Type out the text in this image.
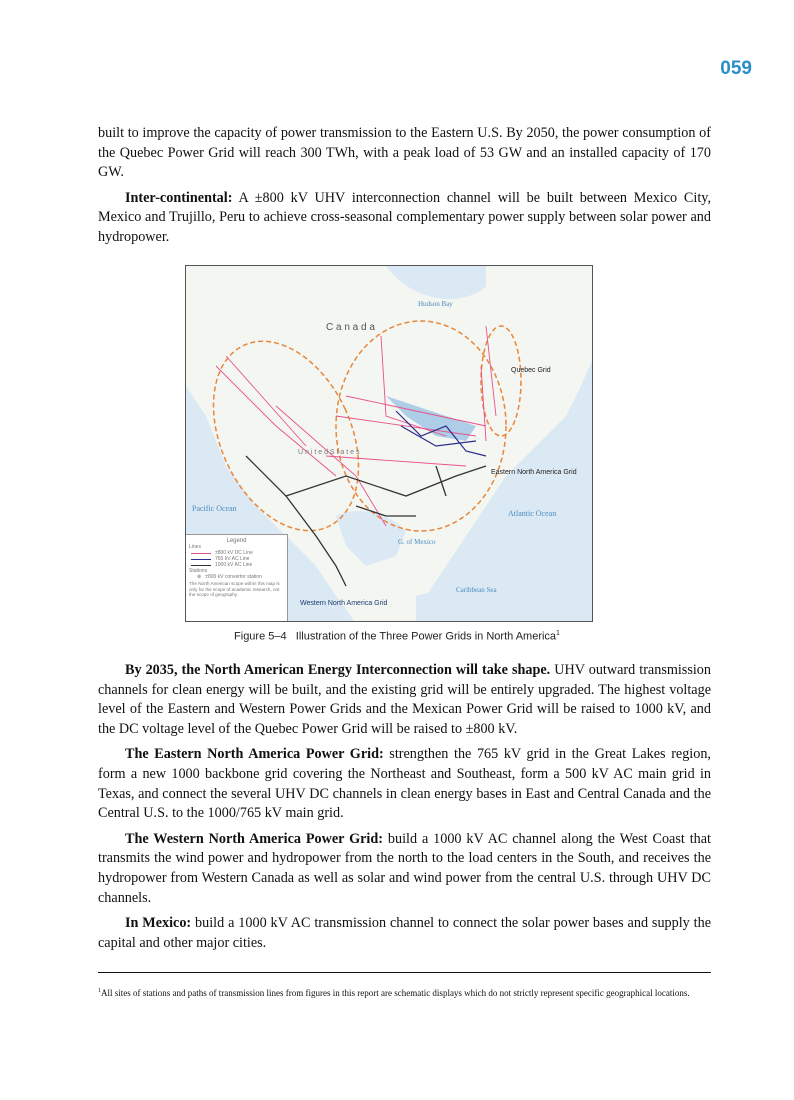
059

built to improve the capacity of power transmission to the Eastern U.S. By 2050, the power consumption of the Quebec Power Grid will reach 300 TWh, with a peak load of 53 GW and an installed capacity of 170 GW.

Inter-continental: A ±800 kV UHV interconnection channel will be built between Mexico City, Mexico and Trujillo, Peru to achieve cross-seasonal complementary power supply between solar power and hydropower.

Hudson Bay
C a n a d a
Quebec Grid
U n i t e d S t a t e s
Eastern North America Grid
Pacific Ocean
Atlantic Ocean
G. of Mexico
Caribbean Sea
Western North America Grid
Legend
Lines
±800 kV DC Line
765 kV AC Line
1000 kV AC Line
Stations
⊗ ±800 kV convertor station
The North American scope within this map is only for the scope of academic research, not the scope of geography.
Figure 5–4 Illustration of the Three Power Grids in North America$^1$

By 2035, the North American Energy Interconnection will take shape. UHV outward transmission channels for clean energy will be built, and the existing grid will be entirely upgraded. The highest voltage level of the Eastern and Western Power Grids and the Mexican Power Grid will be raised to 1000 kV, and the DC voltage level of the Quebec Power Grid will be raised to ±800 kV.

The Eastern North America Power Grid: strengthen the 765 kV grid in the Great Lakes region, form a new 1000 backbone grid covering the Northeast and Southeast, form a 500 kV AC main grid in Texas, and connect the several UHV DC channels in clean energy bases in East and Central Canada and the Central U.S. to the 1000/765 kV main grid.

The Western North America Power Grid: build a 1000 kV AC channel along the West Coast that transmits the wind power and hydropower from the north to the load centers in the South, and receives the hydropower from Western Canada as well as solar and wind power from the central U.S. through UHV DC channels.

In Mexico: build a 1000 kV AC transmission channel to connect the solar power bases and supply the capital and other major cities.

$^1$All sites of stations and paths of transmission lines from figures in this report are schematic displays which do not strictly represent specific geographical locations.
